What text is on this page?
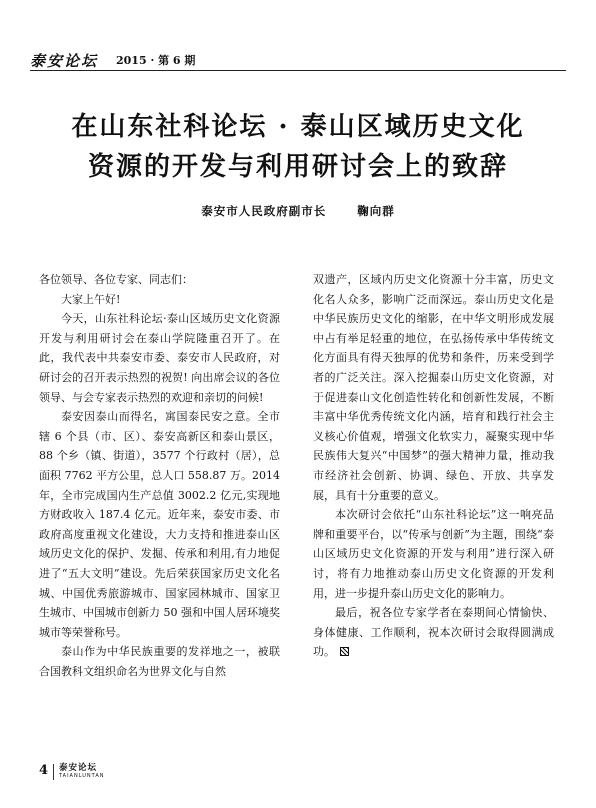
泰安论坛 2015 · 第 6 期
在山东社科论坛 · 泰山区域历史文化
资源的开发与利用研讨会上的致辞
泰安市人民政府副市长	鞠向群

各位领导、各位专家、同志们：

大家上午好!

今天，山东社科论坛·泰山区域历史文化资源开发与利用研讨会在泰山学院隆重召开了。在此，我代表中共泰安市委、泰安市人民政府，对研讨会的召开表示热烈的祝贺! 向出席会议的各位领导、与会专家表示热烈的欢迎和亲切的问候!

泰安因泰山而得名，寓国泰民安之意。全市辖 6 个县（市、区）、泰安高新区和泰山景区，88 个乡（镇、街道），3577 个行政村（居），总面积 7762 平方公里，总人口 558.87 万。2014 年，全市完成国内生产总值 3002.2 亿元,实现地方财政收入 187.4 亿元。近年来，泰安市委、市政府高度重视文化建设，大力支持和推进泰山区域历史文化的保护、发掘、传承和利用,有力地促进了“五大文明”建设。先后荣获国家历史文化名城、中国优秀旅游城市、国家园林城市、国家卫生城市、中国城市创新力 50 强和中国人居环境奖城市等荣誉称号。

泰山作为中华民族重要的发祥地之一，被联合国教科文组织命名为世界文化与自然

双遗产，区域内历史文化资源十分丰富，历史文化名人众多，影响广泛而深远。泰山历史文化是中华民族历史文化的缩影，在中华文明形成发展中占有举足轻重的地位，在弘扬传承中华传统文化方面具有得天独厚的优势和条件，历来受到学者的广泛关注。深入挖掘泰山历史文化资源，对于促进泰山文化创造性转化和创新性发展，不断丰富中华优秀传统文化内涵，培育和践行社会主义核心价值观，增强文化软实力，凝聚实现中华民族伟大复兴“中国梦”的强大精神力量，推动我市经济社会创新、协调、绿色、开放、共享发展，具有十分重要的意义。

本次研讨会依托“山东社科论坛”这一响亮品牌和重要平台，以“传承与创新”为主题，围绕“泰山区域历史文化资源的开发与利用”进行深入研讨，将有力地推动泰山历史文化资源的开发利用，进一步提升泰山历史文化的影响力。

最后，祝各位专家学者在泰期间心情愉快、身体健康、工作顺利，祝本次研讨会取得圆满成功。

4 泰安论坛
TAIANLUNTAN
